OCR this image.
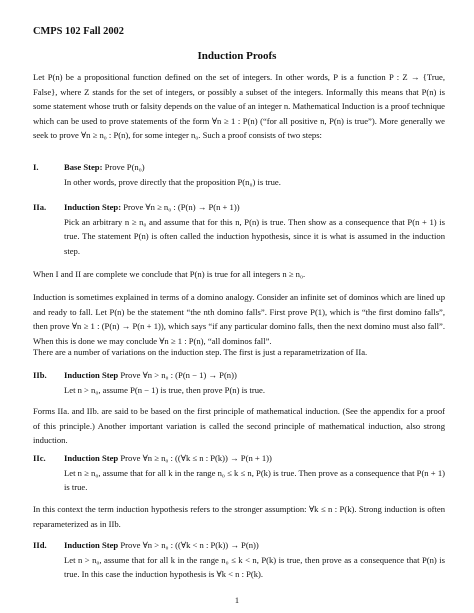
CMPS 102 Fall 2002
Induction Proofs
Let P(n) be a propositional function defined on the set of integers. In other words, P is a function P : Z → {True, False}, where Z stands for the set of integers, or possibly a subset of the integers. Informally this means that P(n) is some statement whose truth or falsity depends on the value of an integer n. Mathematical Induction is a proof technique which can be used to prove statements of the form ∀n ≥ 1 : P(n) (“for all positive n, P(n) is true”). More generally we seek to prove ∀n ≥ n₀ : P(n), for some integer n₀. Such a proof consists of two steps:
I.	Base Step: Prove P(n₀)
In other words, prove directly that the proposition P(n₀) is true.
IIa. Induction Step: Prove ∀n ≥ n₀ : (P(n) → P(n + 1))
Pick an arbitrary n ≥ n₀ and assume that for this n, P(n) is true. Then show as a consequence that P(n + 1) is true. The statement P(n) is often called the induction hypothesis, since it is what is assumed in the induction step.
When I and II are complete we conclude that P(n) is true for all integers n ≥ n₀.
Induction is sometimes explained in terms of a domino analogy. Consider an infinite set of dominos which are lined up and ready to fall. Let P(n) be the statement “the nth domino falls”. First prove P(1), which is “the first domino falls”, then prove ∀n ≥ 1 : (P(n) → P(n + 1)), which says “if any particular domino falls, then the next domino must also fall”. When this is done we may conclude ∀n ≥ 1 : P(n), “all dominos fall”.
There are a number of variations on the induction step. The first is just a reparametrization of IIa.
IIb. Induction Step Prove ∀n > n₀ : (P(n − 1) → P(n))
Let n > n₀, assume P(n − 1) is true, then prove P(n) is true.
Forms IIa. and IIb. are said to be based on the first principle of mathematical induction. (See the appendix for a proof of this principle.) Another important variation is called the second principle of mathematical induction, also strong induction.
IIc. Induction Step Prove ∀n ≥ n₀ : ((∀k ≤ n : P(k)) → P(n + 1))
Let n ≥ n₀, assume that for all k in the range n₀ ≤ k ≤ n, P(k) is true. Then prove as a consequence that P(n + 1) is true.
In this context the term induction hypothesis refers to the stronger assumption: ∀k ≤ n : P(k). Strong induction is often reparameterized as in IIb.
IId. Induction Step Prove ∀n > n₀ : ((∀k < n : P(k)) → P(n))
Let n > n₀, assume that for all k in the range n₀ ≤ k < n, P(k) is true, then prove as a consequence that P(n) is true. In this case the induction hypothesis is ∀k < n : P(k).
1
